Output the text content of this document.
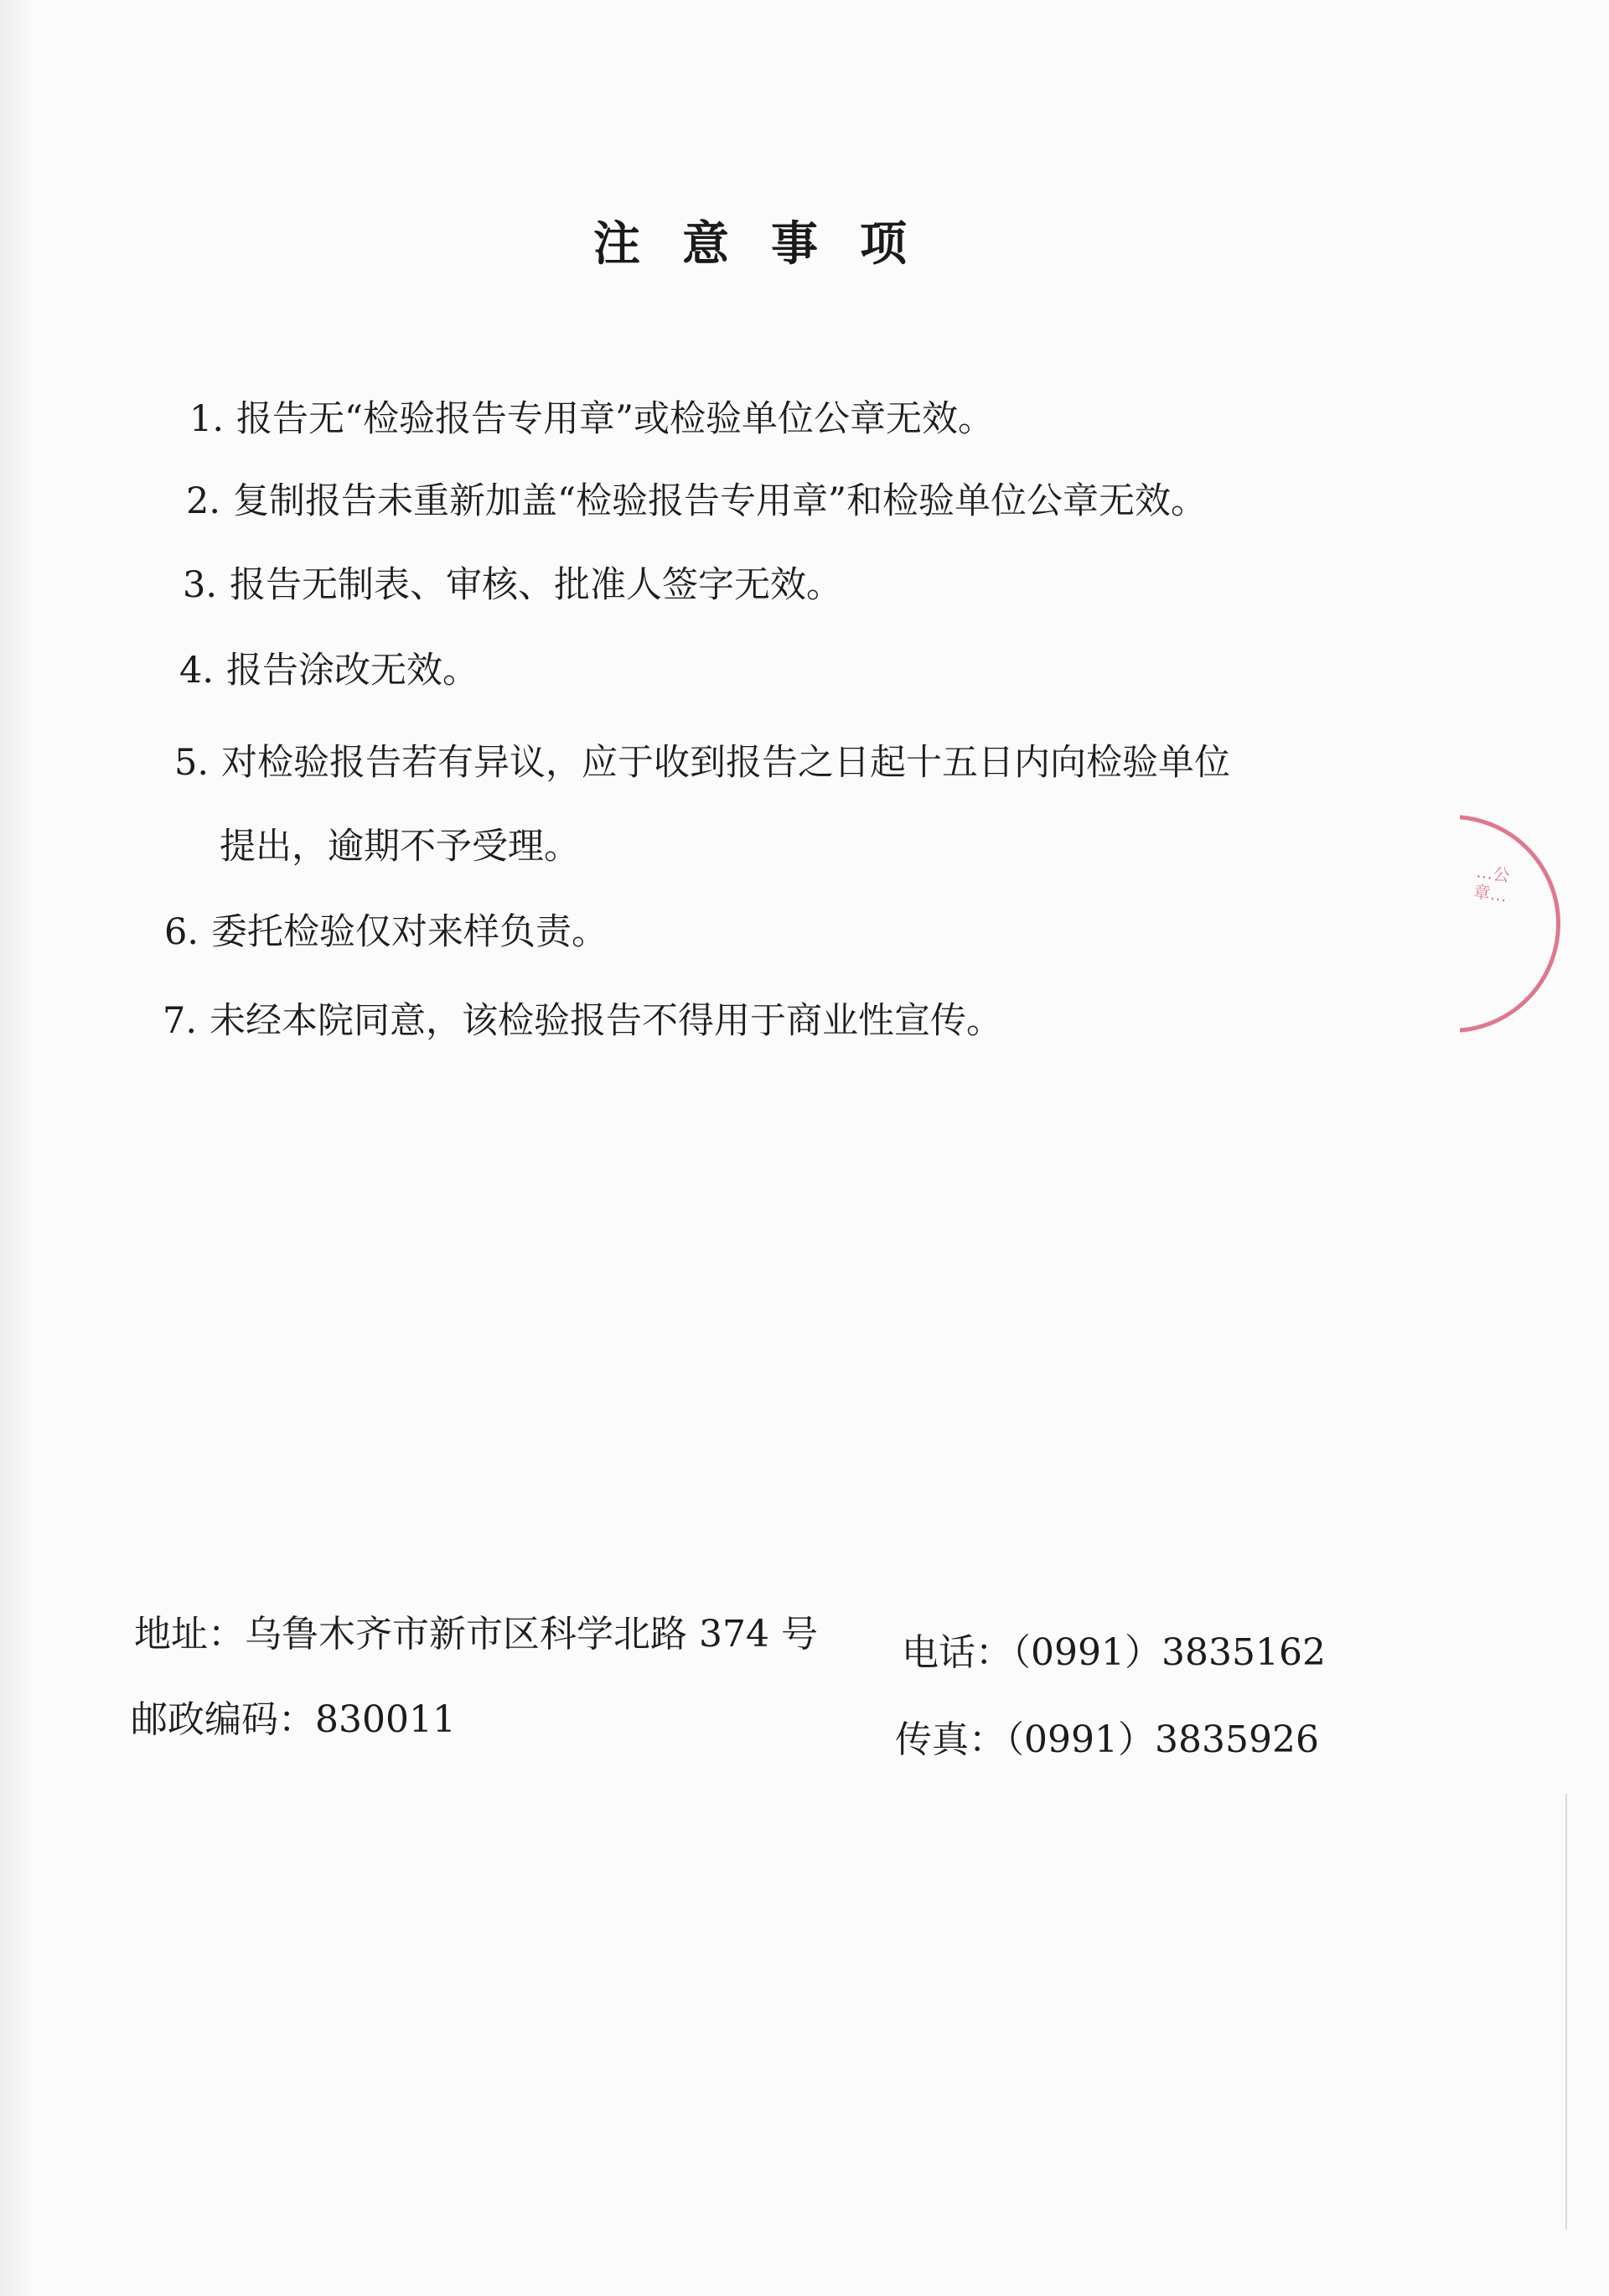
注意事项
1. 报告无“检验报告专用章”或检验单位公章无效。
2. 复制报告未重新加盖“检验报告专用章”和检验单位公章无效。
3. 报告无制表、审核、批准人签字无效。
4. 报告涂改无效。
5. 对检验报告若有异议，应于收到报告之日起十五日内向检验单位
提出，逾期不予受理。
6. 委托检验仅对来样负责。
7. 未经本院同意，该检验报告不得用于商业性宣传。
地址：乌鲁木齐市新市区科学北路 374 号 电话：（0991）3835162
邮政编码：830011	传真：（0991）3835926
…公章…
